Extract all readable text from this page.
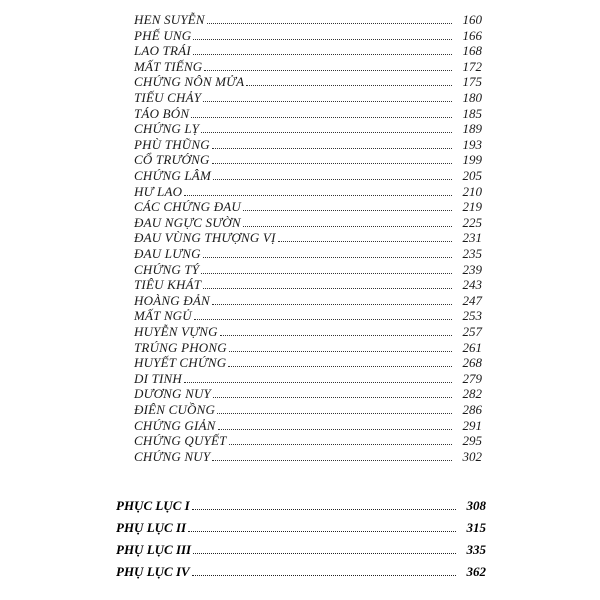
HEN SUYỄN	160
PHẾ UNG	166
LAO TRÁI	168
MẤT TIẾNG	172
CHỨNG NÔN MỬA	175
TIẾU CHẢY	180
TÁO BÓN	185
CHỨNG LỴ	189
PHÙ THŨNG	193
CỔ TRƯỚNG	199
CHỨNG LÂM	205
HƯ LAO	210
CÁC CHỨNG ĐAU	219
ĐAU NGỰC SƯỜN	225
ĐAU VÙNG THƯỢNG VỊ	231
ĐAU LƯNG	235
CHỨNG TÝ	239
TIÊU KHÁT	243
HOÀNG ĐẢN	247
MẤT NGỦ	253
HUYỄN VỰNG	257
TRÚNG PHONG	261
HUYẾT CHỨNG	268
DI TINH	279
DƯƠNG NUY	282
ĐIÊN CUỒNG	286
CHỨNG GIẢN	291
CHỨNG QUYẾT	295
CHỨNG NUY	302
PHỤC LỤC I	308
PHỤ LỤC II	315
PHỤ LỤC III	335
PHỤ LỤC IV	362
